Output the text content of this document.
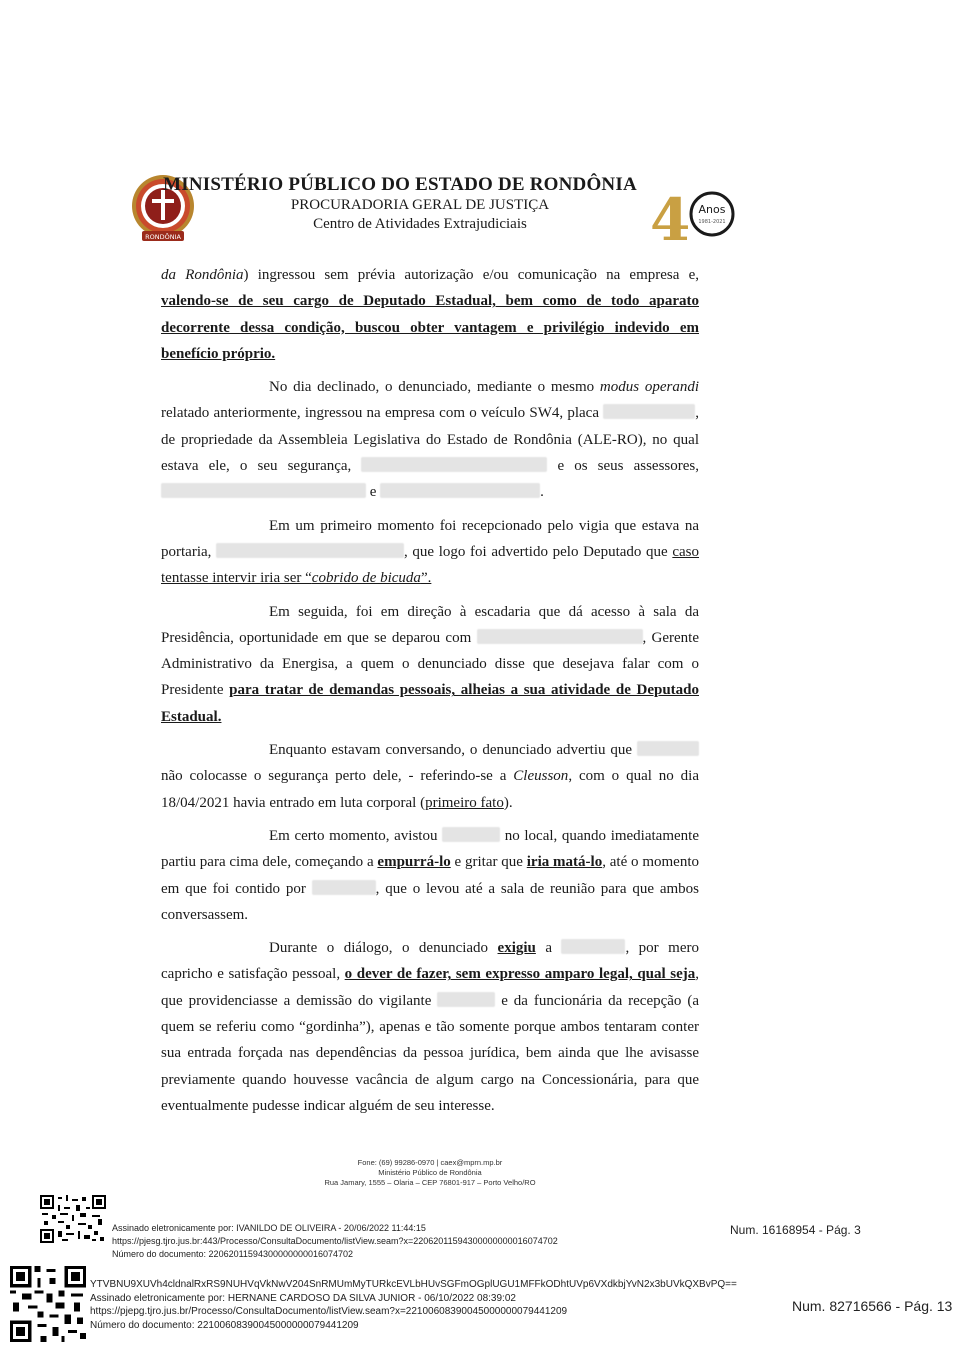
RONDÔNIA
MINISTÉRIO PÚBLICO DO ESTADO DE RONDÔNIA
PROCURADORIA GERAL DE JUSTIÇA
Centro de Atividades Extrajudiciais	4 Anos
1981-2021

da Rondônia) ingressou sem prévia autorização e/ou comunicação na empresa e, valendo-se de seu cargo de Deputado Estadual, bem como de todo aparato decorrente dessa condição, buscou obter vantagem e privilégio indevido em benefício próprio.

No dia declinado, o denunciado, mediante o mesmo modus operandi relatado anteriormente, ingressou na empresa com o veículo SW4, placa	, de propriedade da Assembleia Legislativa do Estado de Rondônia (ALE-RO), no qual estava ele, o seu segurança,	e os seus assessores,  e	.

Em um primeiro momento foi recepcionado pelo vigia que estava na portaria,	, que logo foi advertido pelo Deputado que caso tentasse intervir iria ser “cobrido de bicuda”.

Em seguida, foi em direção à escadaria que dá acesso à sala da Presidência, oportunidade em que se deparou com	, Gerente Administrativo da Energisa, a quem o denunciado disse que desejava falar com o Presidente para tratar de demandas pessoais, alheias a sua atividade de Deputado Estadual.

Enquanto estavam conversando, o denunciado advertiu que  não colocasse o segurança perto dele, - referindo-se a Cleusson, com o qual no dia 18/04/2021 havia entrado em luta corporal (primeiro fato).

Em certo momento, avistou	no local, quando imediatamente partiu para cima dele, começando a empurrá-lo e gritar que iria matá-lo, até o momento em que foi contido por	, que o levou até a sala de reunião para que ambos conversassem.

Durante o diálogo, o denunciado exigiu a	, por mero capricho e satisfação pessoal, o dever de fazer, sem expresso amparo legal, qual seja, que providenciasse a demissão do vigilante	e da funcionária da recepção (a quem se referiu como “gordinha”), apenas e tão somente porque ambos tentaram conter sua entrada forçada nas dependências da pessoa jurídica, bem ainda que lhe avisasse previamente quando houvesse vacância de algum cargo na Concessionária, para que eventualmente pudesse indicar alguém de seu interesse.

Fone: (69) 99286-0970 | caex@mprn.mp.br
Ministério Público de Rondônia
Rua Jamary, 1555 – Olaria – CEP 76801-917 – Porto Velho/RO
Assinado eletronicamente por: IVANILDO DE OLIVEIRA - 20/06/2022 11:44:15
https://pjesg.tjro.jus.br:443/Processo/ConsultaDocumento/listView.seam?x=22062011594300000000016074702
Número do documento: 22062011594300000000016074702
Num. 16168954 - Pág. 3
YTVBNU9XUVh4cldnalRxRS9NUHVqVkNwV204SnRMUmMyTURkcEVLbHUvSGFmOGplUGU1MFFkODhtUVp6VXdkbjYvN2x3bUVkQXBvPQ==
Assinado eletronicamente por: HERNANE CARDOSO DA SILVA JUNIOR - 06/10/2022 08:39:02
https://pjepg.tjro.jus.br/Processo/ConsultaDocumento/listView.seam?x=22100608390045000000079441209
Número do documento: 22100608390045000000079441209
Num. 82716566 - Pág. 13
